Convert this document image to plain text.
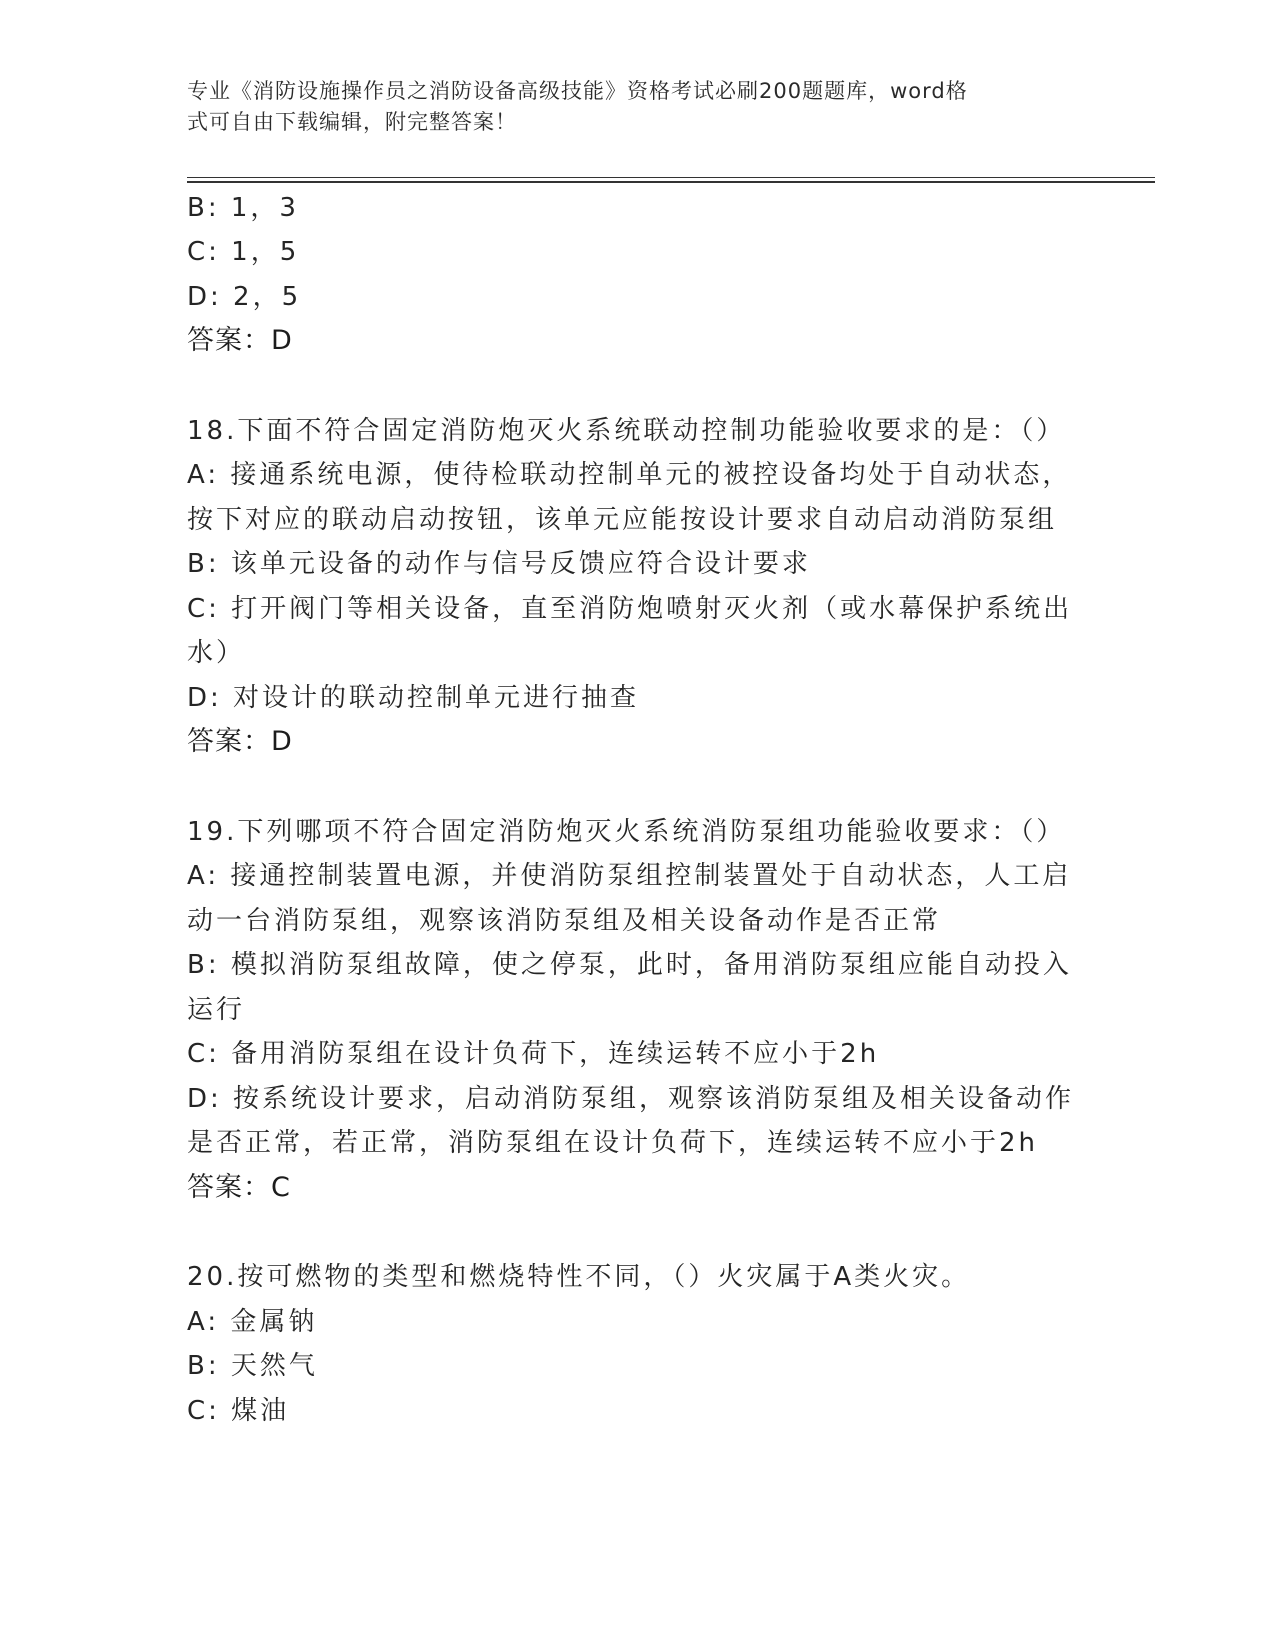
专业《消防设施操作员之消防设备高级技能》资格考试必刷200题题库，word格
式可自由下载编辑，附完整答案！
B: 1，3
C: 1，5
D: 2，5
答案：D
18.下面不符合固定消防炮灭火系统联动控制功能验收要求的是：（）
A: 接通系统电源，使待检联动控制单元的被控设备均处于自动状态，
按下对应的联动启动按钮，该单元应能按设计要求自动启动消防泵组
B: 该单元设备的动作与信号反馈应符合设计要求
C: 打开阀门等相关设备，直至消防炮喷射灭火剂（或水幕保护系统出
水）
D: 对设计的联动控制单元进行抽查
答案：D
19.下列哪项不符合固定消防炮灭火系统消防泵组功能验收要求：（）
A: 接通控制装置电源，并使消防泵组控制装置处于自动状态，人工启
动一台消防泵组，观察该消防泵组及相关设备动作是否正常
B: 模拟消防泵组故障，使之停泵，此时，备用消防泵组应能自动投入
运行
C: 备用消防泵组在设计负荷下，连续运转不应小于2h
D: 按系统设计要求，启动消防泵组，观察该消防泵组及相关设备动作
是否正常，若正常，消防泵组在设计负荷下，连续运转不应小于2h
答案：C
20.按可燃物的类型和燃烧特性不同，（）火灾属于A类火灾。
A: 金属钠
B: 天然气
C: 煤油
